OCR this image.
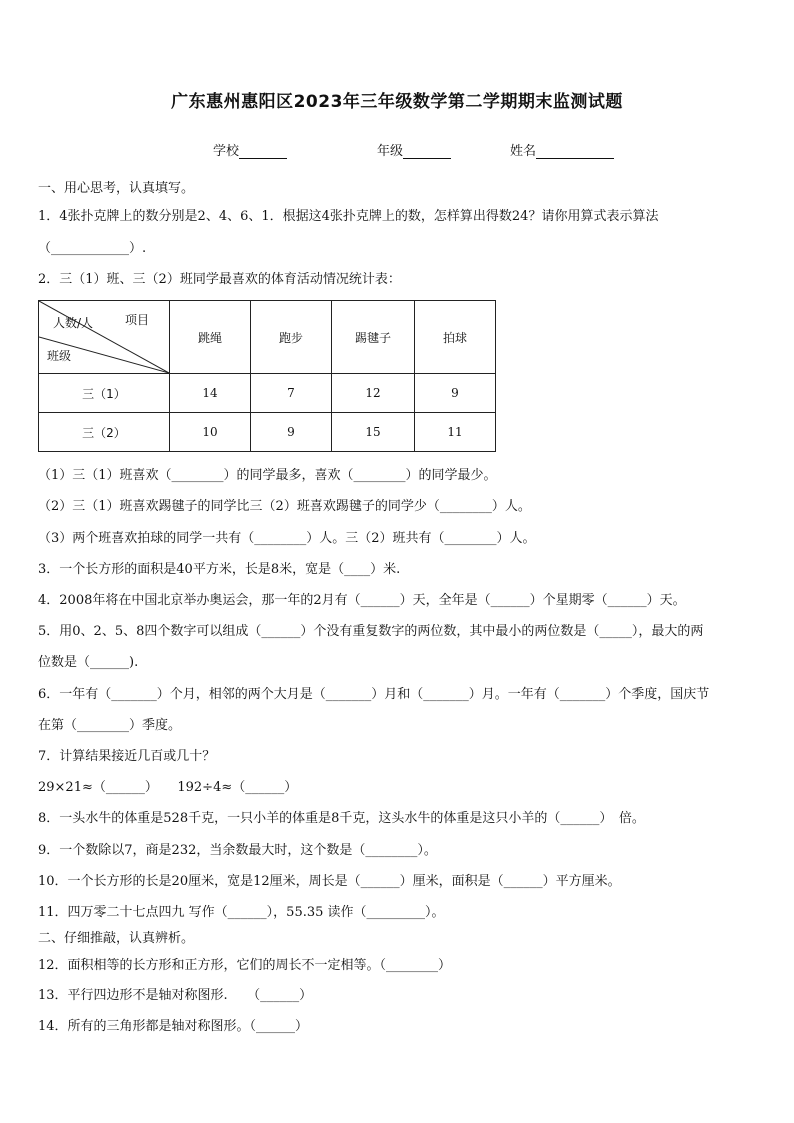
广东惠州惠阳区2023年三年级数学第二学期期末监测试题
学校	年级	姓名
一、用心思考，认真填写。
1．4张扑克牌上的数分别是2、4、6、1．根据这4张扑克牌上的数，怎样算出得数24？请你用算式表示算法
（____________）.
2．三（1）班、三（2）班同学最喜欢的体育活动情况统计表：
项目
人数/人
班级	跳绳	跑步	踢毽子	拍球
三（1）	14	7	12	9
三（2）	10	9	15	11
（1）三（1）班喜欢（________）的同学最多，喜欢（________）的同学最少。
（2）三（1）班喜欢踢毽子的同学比三（2）班喜欢踢毽子的同学少（________）人。
（3）两个班喜欢拍球的同学一共有（________）人。三（2）班共有（________）人。
3．一个长方形的面积是40平方米，长是8米，宽是（____）米.
4．2008年将在中国北京举办奥运会，那一年的2月有（______）天，全年是（______）个星期零（______）天。
5．用0、2、5、8四个数字可以组成（______）个没有重复数字的两位数，其中最小的两位数是（_____），最大的两
位数是（______).
6．一年有（_______）个月，相邻的两个大月是（_______）月和（_______）月。一年有（_______）个季度，国庆节
在第（________）季度。
7．计算结果接近几百或几十？
29×21≈（______）　　192÷4≈（______）
8．一头水牛的体重是528千克，一只小羊的体重是8千克，这头水牛的体重是这只小羊的（______）　倍。
9．一个数除以7，商是232，当余数最大时，这个数是（________）。
10．一个长方形的长是20厘米，宽是12厘米，周长是（______）厘米，面积是（______）平方厘米。
11．四万零二十七点四九 写作（______），55.35 读作（_________）。
二、仔细推敲，认真辨析。
12．面积相等的长方形和正方形，它们的周长不一定相等。（________）
13．平行四边形不是轴对称图形.　　（______）
14．所有的三角形都是轴对称图形。（______）
